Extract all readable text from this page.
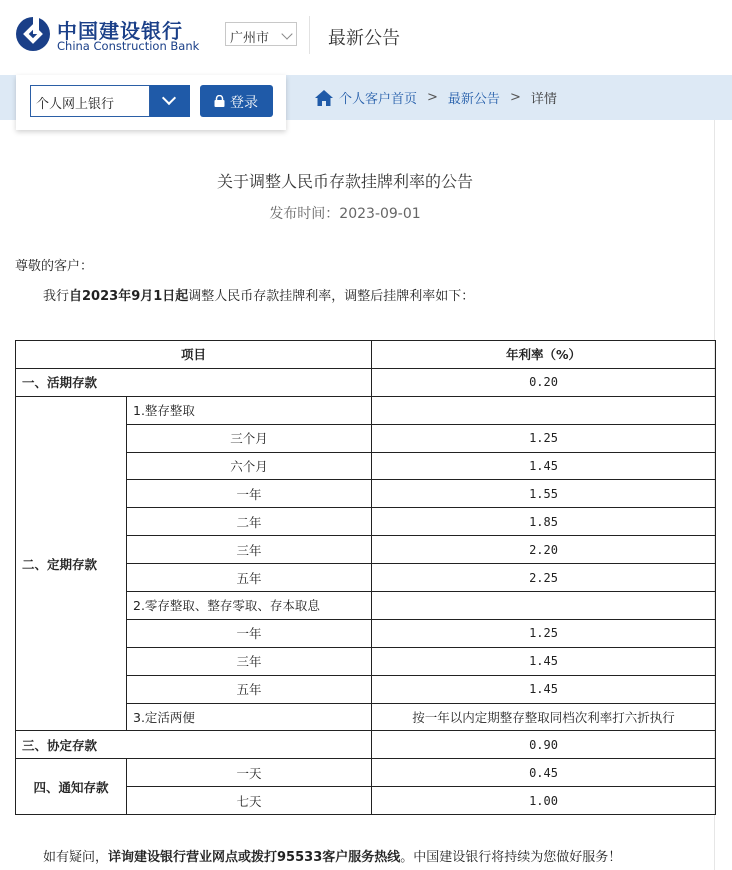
中国建设银行
China Construction Bank	广州市	最新公告
个人网上银行	登录	个人客户首页 > 最新公告 > 详情
关于调整人民币存款挂牌利率的公告
发布时间：2023-09-01
尊敬的客户：
我行自2023年9月1日起调整人民币存款挂牌利率，调整后挂牌利率如下：
项目		年利率（%）
一、活期存款		0.20
二、定期存款	1.整存整取	
	三个月	1.25
	六个月	1.45
	一年	1.55
	二年	1.85
	三年	2.20
	五年	2.25
	2.零存整取、整存零取、存本取息	
	一年	1.25
	三年	1.45
	五年	1.45
	3.定活两便	按一年以内定期整存整取同档次利率打六折执行
三、协定存款		0.90
四、通知存款	一天	0.45
	七天	1.00
如有疑问，详询建设银行营业网点或拨打95533客户服务热线。中国建设银行将持续为您做好服务！
